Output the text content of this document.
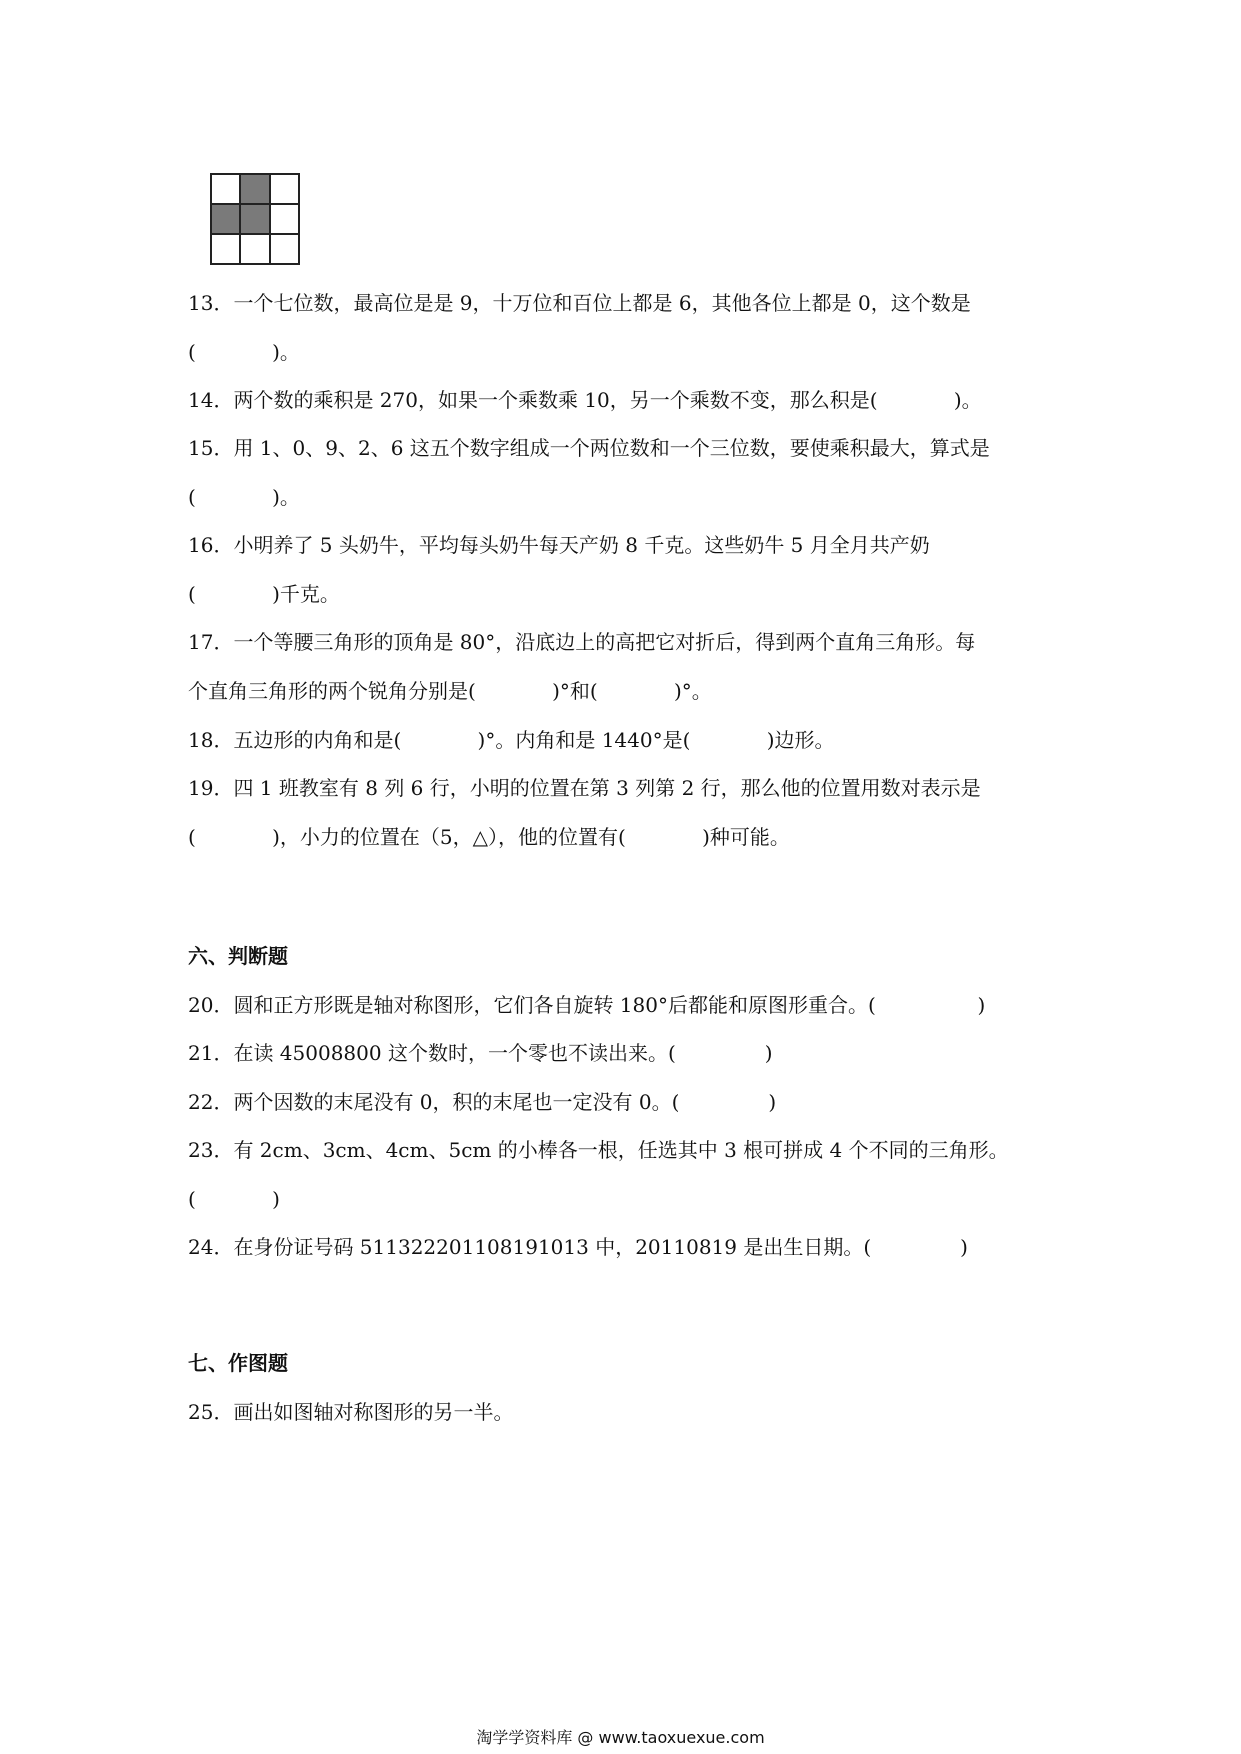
13．一个七位数，最高位是是 9，十万位和百位上都是 6，其他各位上都是 0，这个数是
(            )。
14．两个数的乘积是 270，如果一个乘数乘 10，另一个乘数不变，那么积是(            )。
15．用 1、0、9、2、6 这五个数字组成一个两位数和一个三位数，要使乘积最大，算式是
(            )。
16．小明养了 5 头奶牛，平均每头奶牛每天产奶 8 千克。这些奶牛 5 月全月共产奶
(            )千克。
17．一个等腰三角形的顶角是 80°，沿底边上的高把它对折后，得到两个直角三角形。每
个直角三角形的两个锐角分别是(            )°和(            )°。
18．五边形的内角和是(            )°。内角和是 1440°是(            )边形。
19．四 1 班教室有 8 列 6 行，小明的位置在第 3 列第 2 行，那么他的位置用数对表示是
(            )，小力的位置在（5，△），他的位置有(            )种可能。
六、判断题
20．圆和正方形既是轴对称图形，它们各自旋转 180°后都能和原图形重合。(                )
21．在读 45008800 这个数时，一个零也不读出来。(              )
22．两个因数的末尾没有 0，积的末尾也一定没有 0。(              )
23．有 2cm、3cm、4cm、5cm 的小棒各一根，任选其中 3 根可拼成 4 个不同的三角形。
(            )
24．在身份证号码 511322201108191013 中，20110819 是出生日期。(              )
七、作图题
25．画出如图轴对称图形的另一半。
淘学学资料库 @ www.taoxuexue.com
